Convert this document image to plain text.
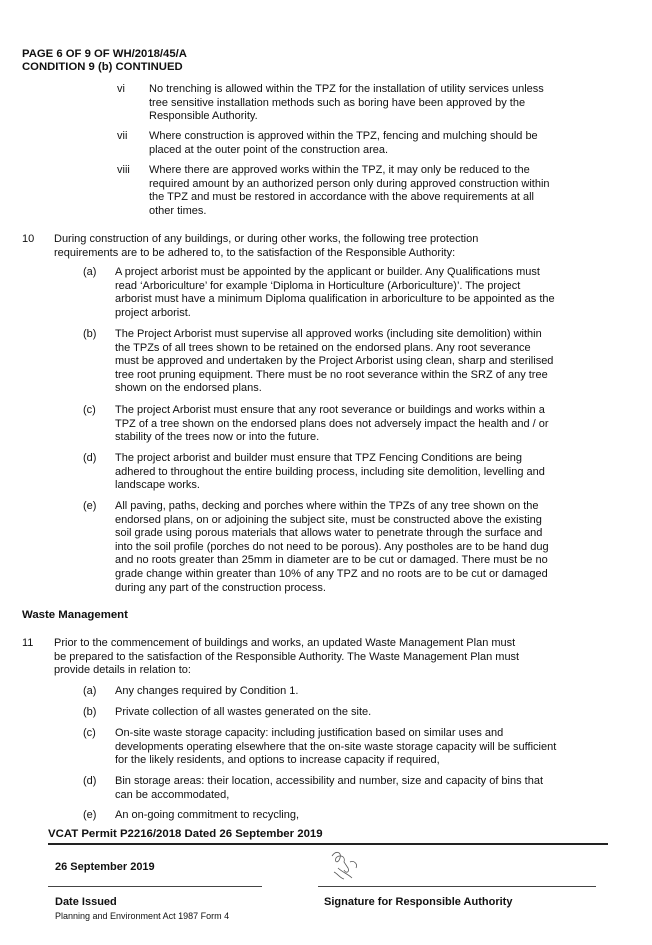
PAGE 6 OF 9 OF WH/2018/45/A
CONDITION 9 (b) CONTINUED
vi No trenching is allowed within the TPZ for the installation of utility services unless
tree sensitive installation methods such as boring have been approved by the
Responsible Authority.
vii Where construction is approved within the TPZ, fencing and mulching should be
placed at the outer point of the construction area.
viii Where there are approved works within the TPZ, it may only be reduced to the
required amount by an authorized person only during approved construction within
the TPZ and must be restored in accordance with the above requirements at all
other times.
10 During construction of any buildings, or during other works, the following tree protection
requirements are to be adhered to, to the satisfaction of the Responsible Authority:
(a) A project arborist must be appointed by the applicant or builder. Any Qualifications must
read ‘Arboriculture’ for example ‘Diploma in Horticulture (Arboriculture)’. The project
arborist must have a minimum Diploma qualification in arboriculture to be appointed as the
project arborist.
(b) The Project Arborist must supervise all approved works (including site demolition) within
the TPZs of all trees shown to be retained on the endorsed plans. Any root severance
must be approved and undertaken by the Project Arborist using clean, sharp and sterilised
tree root pruning equipment. There must be no root severance within the SRZ of any tree
shown on the endorsed plans.
(c) The project Arborist must ensure that any root severance or buildings and works within a
TPZ of a tree shown on the endorsed plans does not adversely impact the health and / or
stability of the trees now or into the future.
(d) The project arborist and builder must ensure that TPZ Fencing Conditions are being
adhered to throughout the entire building process, including site demolition, levelling and
landscape works.
(e) All paving, paths, decking and porches where within the TPZs of any tree shown on the
endorsed plans, on or adjoining the subject site, must be constructed above the existing
soil grade using porous materials that allows water to penetrate through the surface and
into the soil profile (porches do not need to be porous). Any postholes are to be hand dug
and no roots greater than 25mm in diameter are to be cut or damaged. There must be no
grade change within greater than 10% of any TPZ and no roots are to be cut or damaged
during any part of the construction process.
11 Prior to the commencement of buildings and works, an updated Waste Management Plan must
be prepared to the satisfaction of the Responsible Authority. The Waste Management Plan must
provide details in relation to:
(a) Any changes required by Condition 1.
(b) Private collection of all wastes generated on the site.
(c) On-site waste storage capacity: including justification based on similar uses and
developments operating elsewhere that the on-site waste storage capacity will be sufficient
for the likely residents, and options to increase capacity if required,
(d) Bin storage areas: their location, accessibility and number, size and capacity of bins that
can be accommodated,
(e) An on-going commitment to recycling,
Waste Management
VCAT Permit P2216/2018 Dated 26 September 2019
26 September 2019
Date Issued
Planning and Environment Act 1987 Form 4
Signature for Responsible Authority
